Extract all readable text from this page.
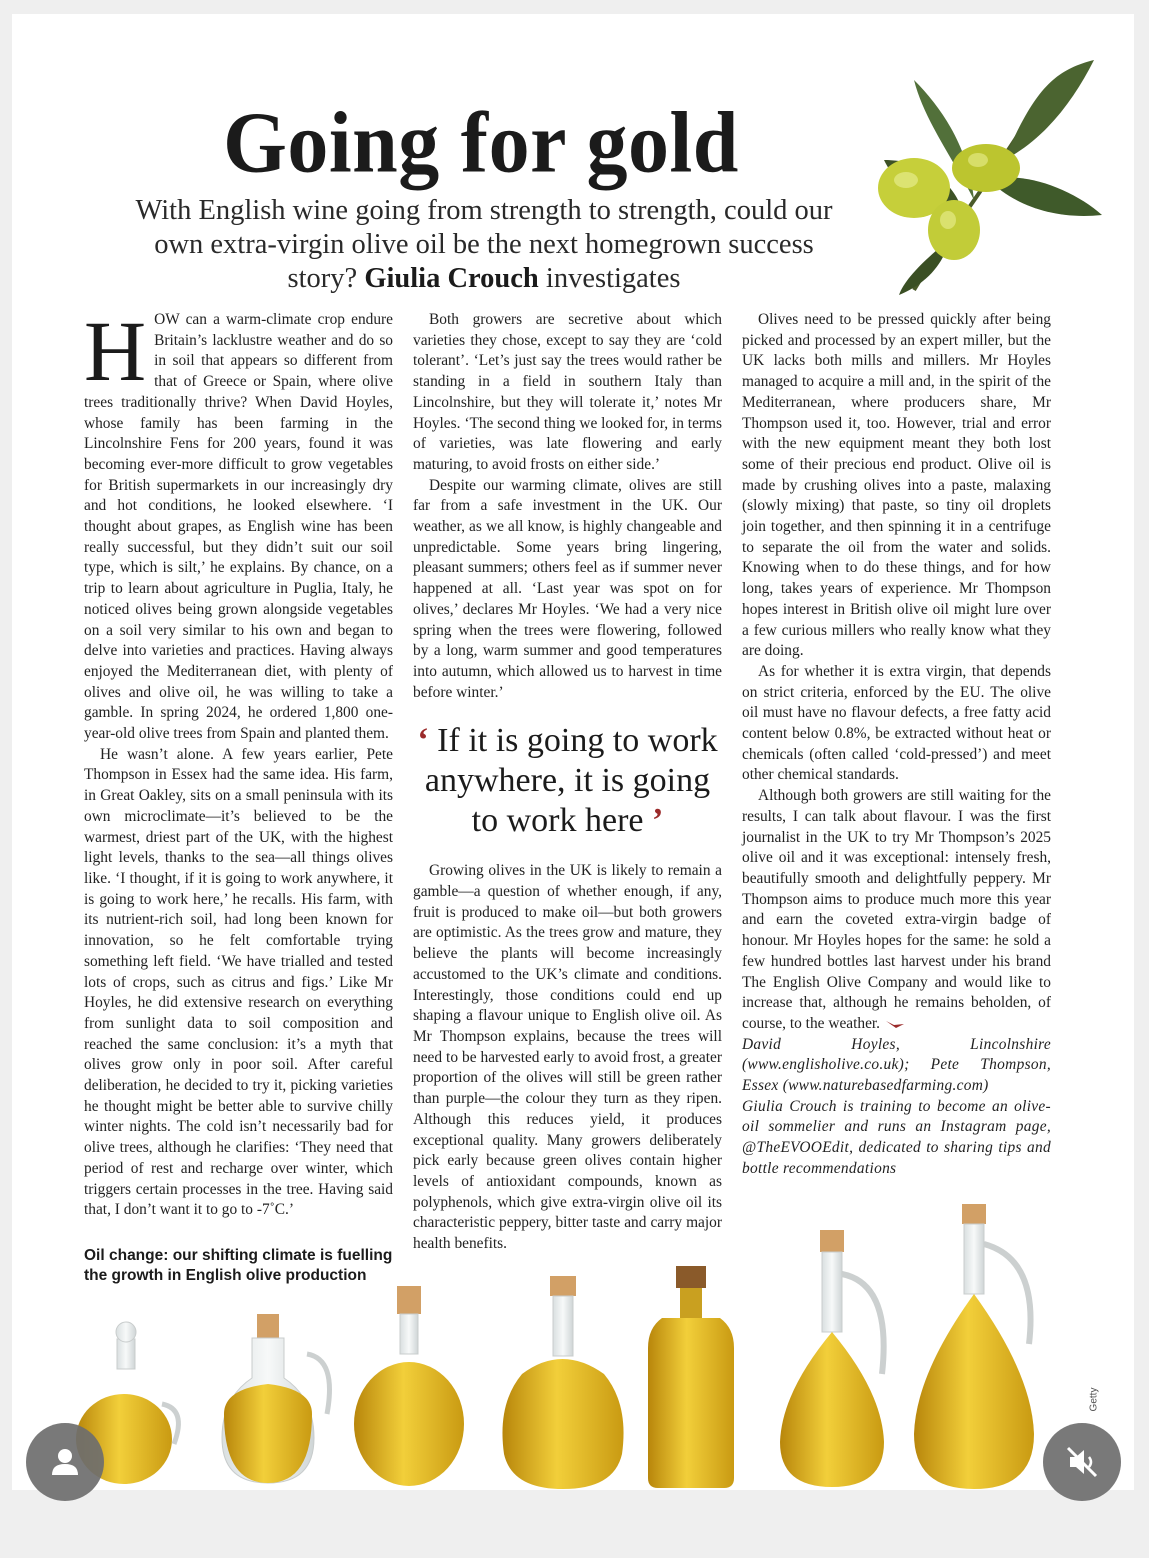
Going for gold

With English wine going from strength to strength, could our own extra-virgin olive oil be the next homegrown success story? Giulia Crouch investigates

HOW can a warm-climate crop endure Britain’s lacklustre weather and do so in soil that appears so different from that of Greece or Spain, where olive trees traditionally thrive? When David Hoyles, whose family has been farming in the Lincolnshire Fens for 200 years, found it was becoming ever-more difficult to grow vegetables for British supermarkets in our increasingly dry and hot conditions, he looked elsewhere. ‘I thought about grapes, as English wine has been really successful, but they didn’t suit our soil type, which is silt,’ he explains. By chance, on a trip to learn about agriculture in Puglia, Italy, he noticed olives being grown alongside vegetables on a soil very similar to his own and began to delve into varieties and practices. Having always enjoyed the Mediterranean diet, with plenty of olives and olive oil, he was willing to take a gamble. In spring 2024, he ordered 1,800 one-year-old olive trees from Spain and planted them.

He wasn’t alone. A few years earlier, Pete Thompson in Essex had the same idea. His farm, in Great Oakley, sits on a small peninsula with its own microclimate—it’s believed to be the warmest, driest part of the UK, with the highest light levels, thanks to the sea—all things olives like. ‘I thought, if it is going to work anywhere, it is going to work here,’ he recalls. His farm, with its nutrient-rich soil, had long been known for innovation, so he felt comfortable trying something left field. ‘We have trialled and tested lots of crops, such as citrus and figs.’ Like Mr Hoyles, he did extensive research on everything from sunlight data to soil composition and reached the same conclusion: it’s a myth that olives grow only in poor soil. After careful deliberation, he decided to try it, picking varieties he thought might be better able to survive chilly winter nights. The cold isn’t necessarily bad for olive trees, although he clarifies: ‘They need that period of rest and recharge over winter, which triggers certain processes in the tree. Having said that, I don’t want it to go to -7˚C.’

Both growers are secretive about which varieties they chose, except to say they are ‘cold tolerant’. ‘Let’s just say the trees would rather be standing in a field in southern Italy than Lincolnshire, but they will tolerate it,’ notes Mr Hoyles. ‘The second thing we looked for, in terms of varieties, was late flowering and early maturing, to avoid frosts on either side.’

Despite our warming climate, olives are still far from a safe investment in the UK. Our weather, as we all know, is highly changeable and unpredictable. Some years bring lingering, pleasant summers; others feel as if summer never happened at all. ‘Last year was spot on for olives,’ declares Mr Hoyles. ‘We had a very nice spring when the trees were flowering, followed by a long, warm summer and good temperatures into autumn, which allowed us to harvest in time before winter.’

‘ If it is going to work anywhere, it is going to work here ’

Growing olives in the UK is likely to remain a gamble—a question of whether enough, if any, fruit is produced to make oil—but both growers are optimistic. As the trees grow and mature, they believe the plants will become increasingly accustomed to the UK’s climate and conditions. Interestingly, those conditions could end up shaping a flavour unique to English olive oil. As Mr Thompson explains, because the trees will need to be harvested early to avoid frost, a greater proportion of the olives will still be green rather than purple—the colour they turn as they ripen. Although this reduces yield, it produces exceptional quality. Many growers deliberately pick early because green olives contain higher levels of antioxidant compounds, known as polyphenols, which give extra-virgin olive oil its characteristic peppery, bitter taste and carry major health benefits.

Olives need to be pressed quickly after being picked and processed by an expert miller, but the UK lacks both mills and millers. Mr Hoyles managed to acquire a mill and, in the spirit of the Mediterranean, where producers share, Mr Thompson used it, too. However, trial and error with the new equipment meant they both lost some of their precious end product. Olive oil is made by crushing olives into a paste, malaxing (slowly mixing) that paste, so tiny oil droplets join together, and then spinning it in a centrifuge to separate the oil from the water and solids. Knowing when to do these things, and for how long, takes years of experience. Mr Thompson hopes interest in British olive oil might lure over a few curious millers who really know what they are doing.

As for whether it is extra virgin, that depends on strict criteria, enforced by the EU. The olive oil must have no flavour defects, a free fatty acid content below 0.8%, be extracted without heat or chemicals (often called ‘cold-pressed’) and meet other chemical standards.

Although both growers are still waiting for the results, I can talk about flavour. I was the first journalist in the UK to try Mr Thompson’s 2025 olive oil and it was exceptional: intensely fresh, beautifully smooth and delightfully peppery. Mr Thompson aims to produce much more this year and earn the coveted extra-virgin badge of honour. Mr Hoyles hopes for the same: he sold a few hundred bottles last harvest under his brand The English Olive Company and would like to increase that, although he remains beholden, of course, to the weather.

David Hoyles, Lincolnshire (www.englisholive.co.uk); Pete Thompson, Essex (www.naturebasedfarming.com)

Giulia Crouch is training to become an olive-oil sommelier and runs an Instagram page, @TheEVOOEdit, dedicated to sharing tips and bottle recommendations

Oil change: our shifting climate is fuelling the growth in English olive production
Getty
